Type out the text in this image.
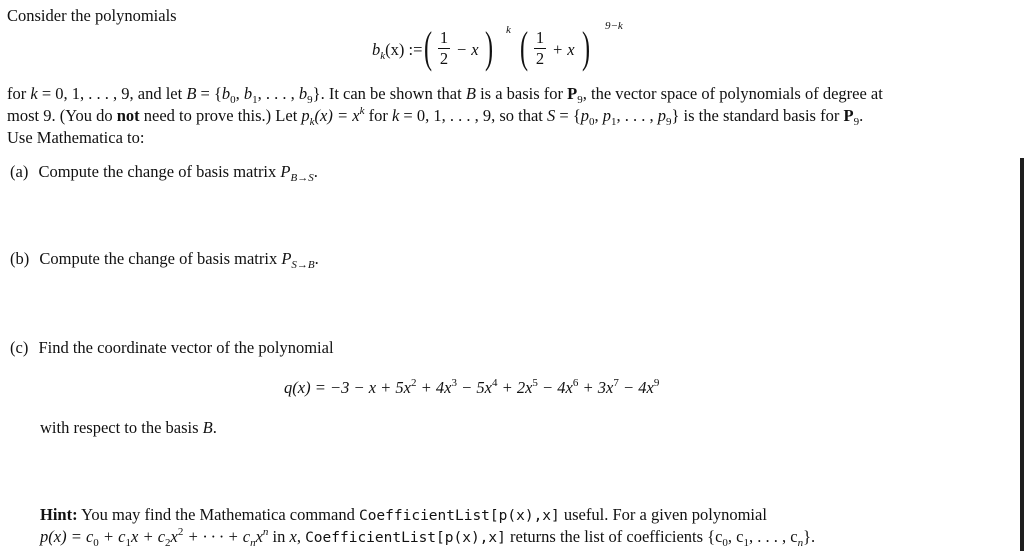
Consider the polynomials
$b_k(x)$ := ( 1
2 − x ) k ( 1
2 + x ) 9−k
for k = 0, 1, . . . , 9, and let $B = \{b_0$, $b_1$, . . . , $b_9$}. It can be shown that B is a basis for $P_9$, the vector space of polynomials of degree at
most 9. (You do not need to prove this.) Let $p_k(x) = x^k$ for k = 0, 1, . . . , 9, so that $S = \{p_0$, $p_1$, . . . , $p_9$} is the standard basis for $P_9$.
Use Mathematica to:
(a) Compute the change of basis matrix $P_{B\to S}$.
(b) Compute the change of basis matrix $P_{S\to B}$.
(c) Find the coordinate vector of the polynomial
$q(x) = -3 - x + 5x^2 + 4x^3 - 5x^4 + 2x^5 - 4x^6 + 3x^7 - 4x^9$
with respect to the basis B.
Hint: You may find the Mathematica command CoefficientList[p(x),x] useful. For a given polynomial
$p(x) = c_0 + c_1x + c_2x^2$ + · · · + $c_nx^n$ in x, CoefficientList[p(x),x] returns the list of coefficients {$c_0$, $c_1$, . . . , $c_n$}.
